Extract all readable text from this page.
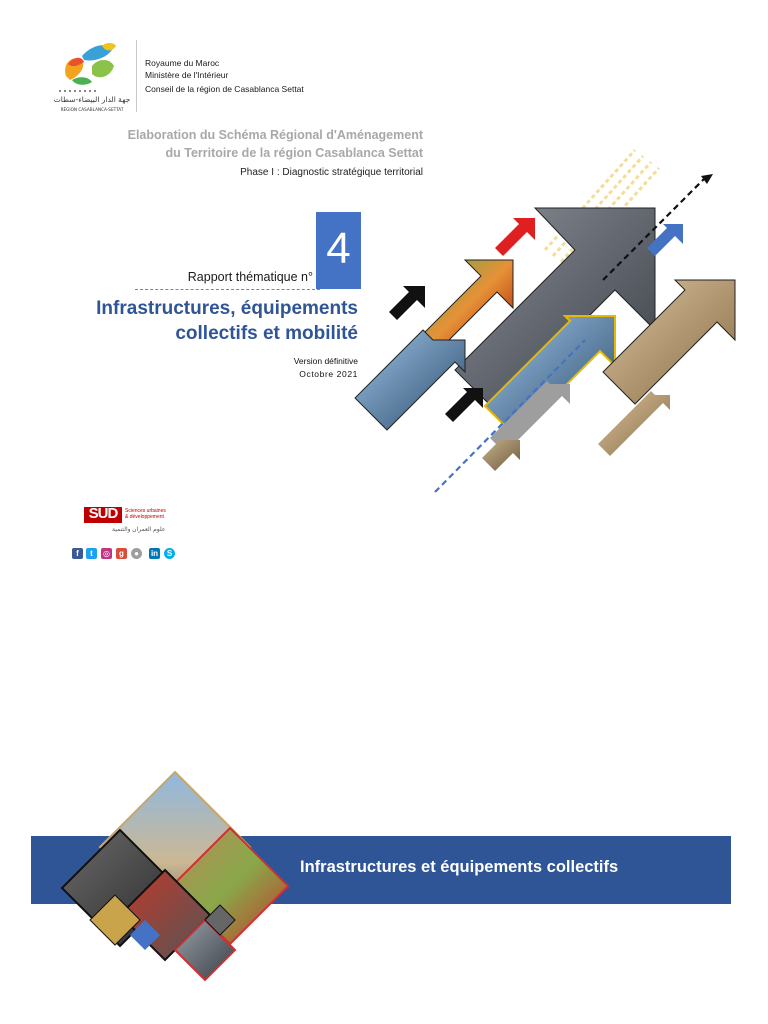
جهة الدار البيضاء-سطات
RÉGION CASABLANCA-SETTAT
Royaume du Maroc
Ministère de l'Intérieur
Conseil de la région de Casablanca Settat
Elaboration du Schéma Régional d'Aménagement
du Territoire de la région Casablanca Settat
Phase I : Diagnostic stratégique territorial
4
Rapport thématique n°
Infrastructures, équipements
collectifs et mobilité
Version définitive
Octobre 2021
SUD	Sciences urbaines
& développement
علوم العمران والتنمية
f	t	◎	g	●	in	S
Infrastructures et équipements collectifs
